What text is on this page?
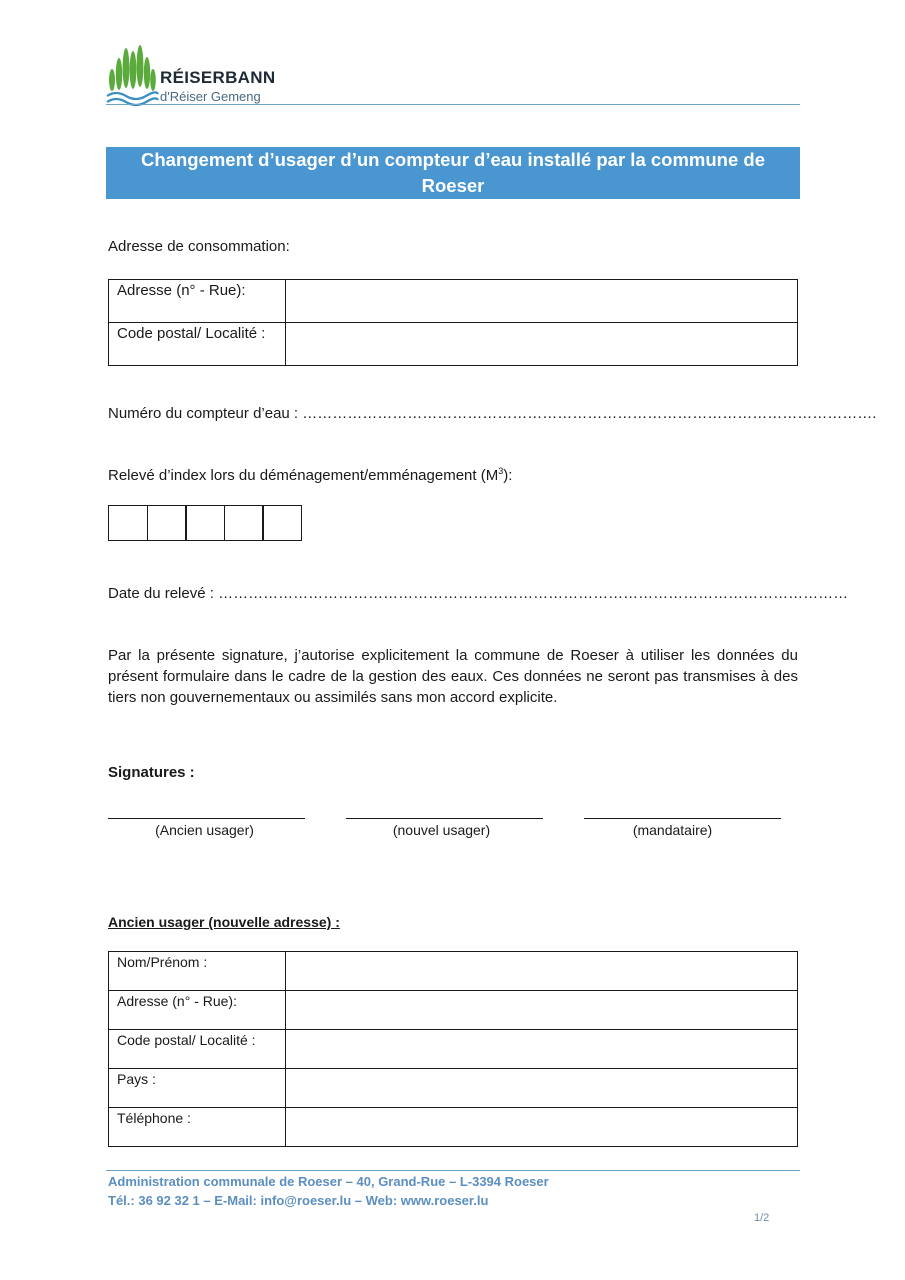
RÉISERBANN
d'Réiser Gemeng
Changement d’usager d’un compteur d’eau installé par la commune de Roeser
Adresse de consommation:
Adresse (n° - Rue):	
Code postal/ Localité :	
Numéro du compteur d’eau : …………………………………………………………………………………………………….
Relevé d’index lors du déménagement/emménagement $(M^3)$:
Date du relevé : ………………………………………………………………………………………………………………
Par la présente signature, j’autorise explicitement la commune de Roeser à utiliser les données du présent formulaire dans le cadre de la gestion des eaux. Ces données ne seront pas transmises à des tiers non gouvernementaux ou assimilés sans mon accord explicite.
Signatures :
(Ancien usager)	(nouvel usager)	(mandataire)
Ancien usager (nouvelle adresse) :
Nom/Prénom :	
Adresse (n° - Rue):	
Code postal/ Localité :	
Pays :	
Téléphone :	
Administration communale de Roeser – 40, Grand-Rue – L-3394 Roeser
Tél.: 36 92 32 1 – E-Mail: info@roeser.lu – Web: www.roeser.lu
1/2
